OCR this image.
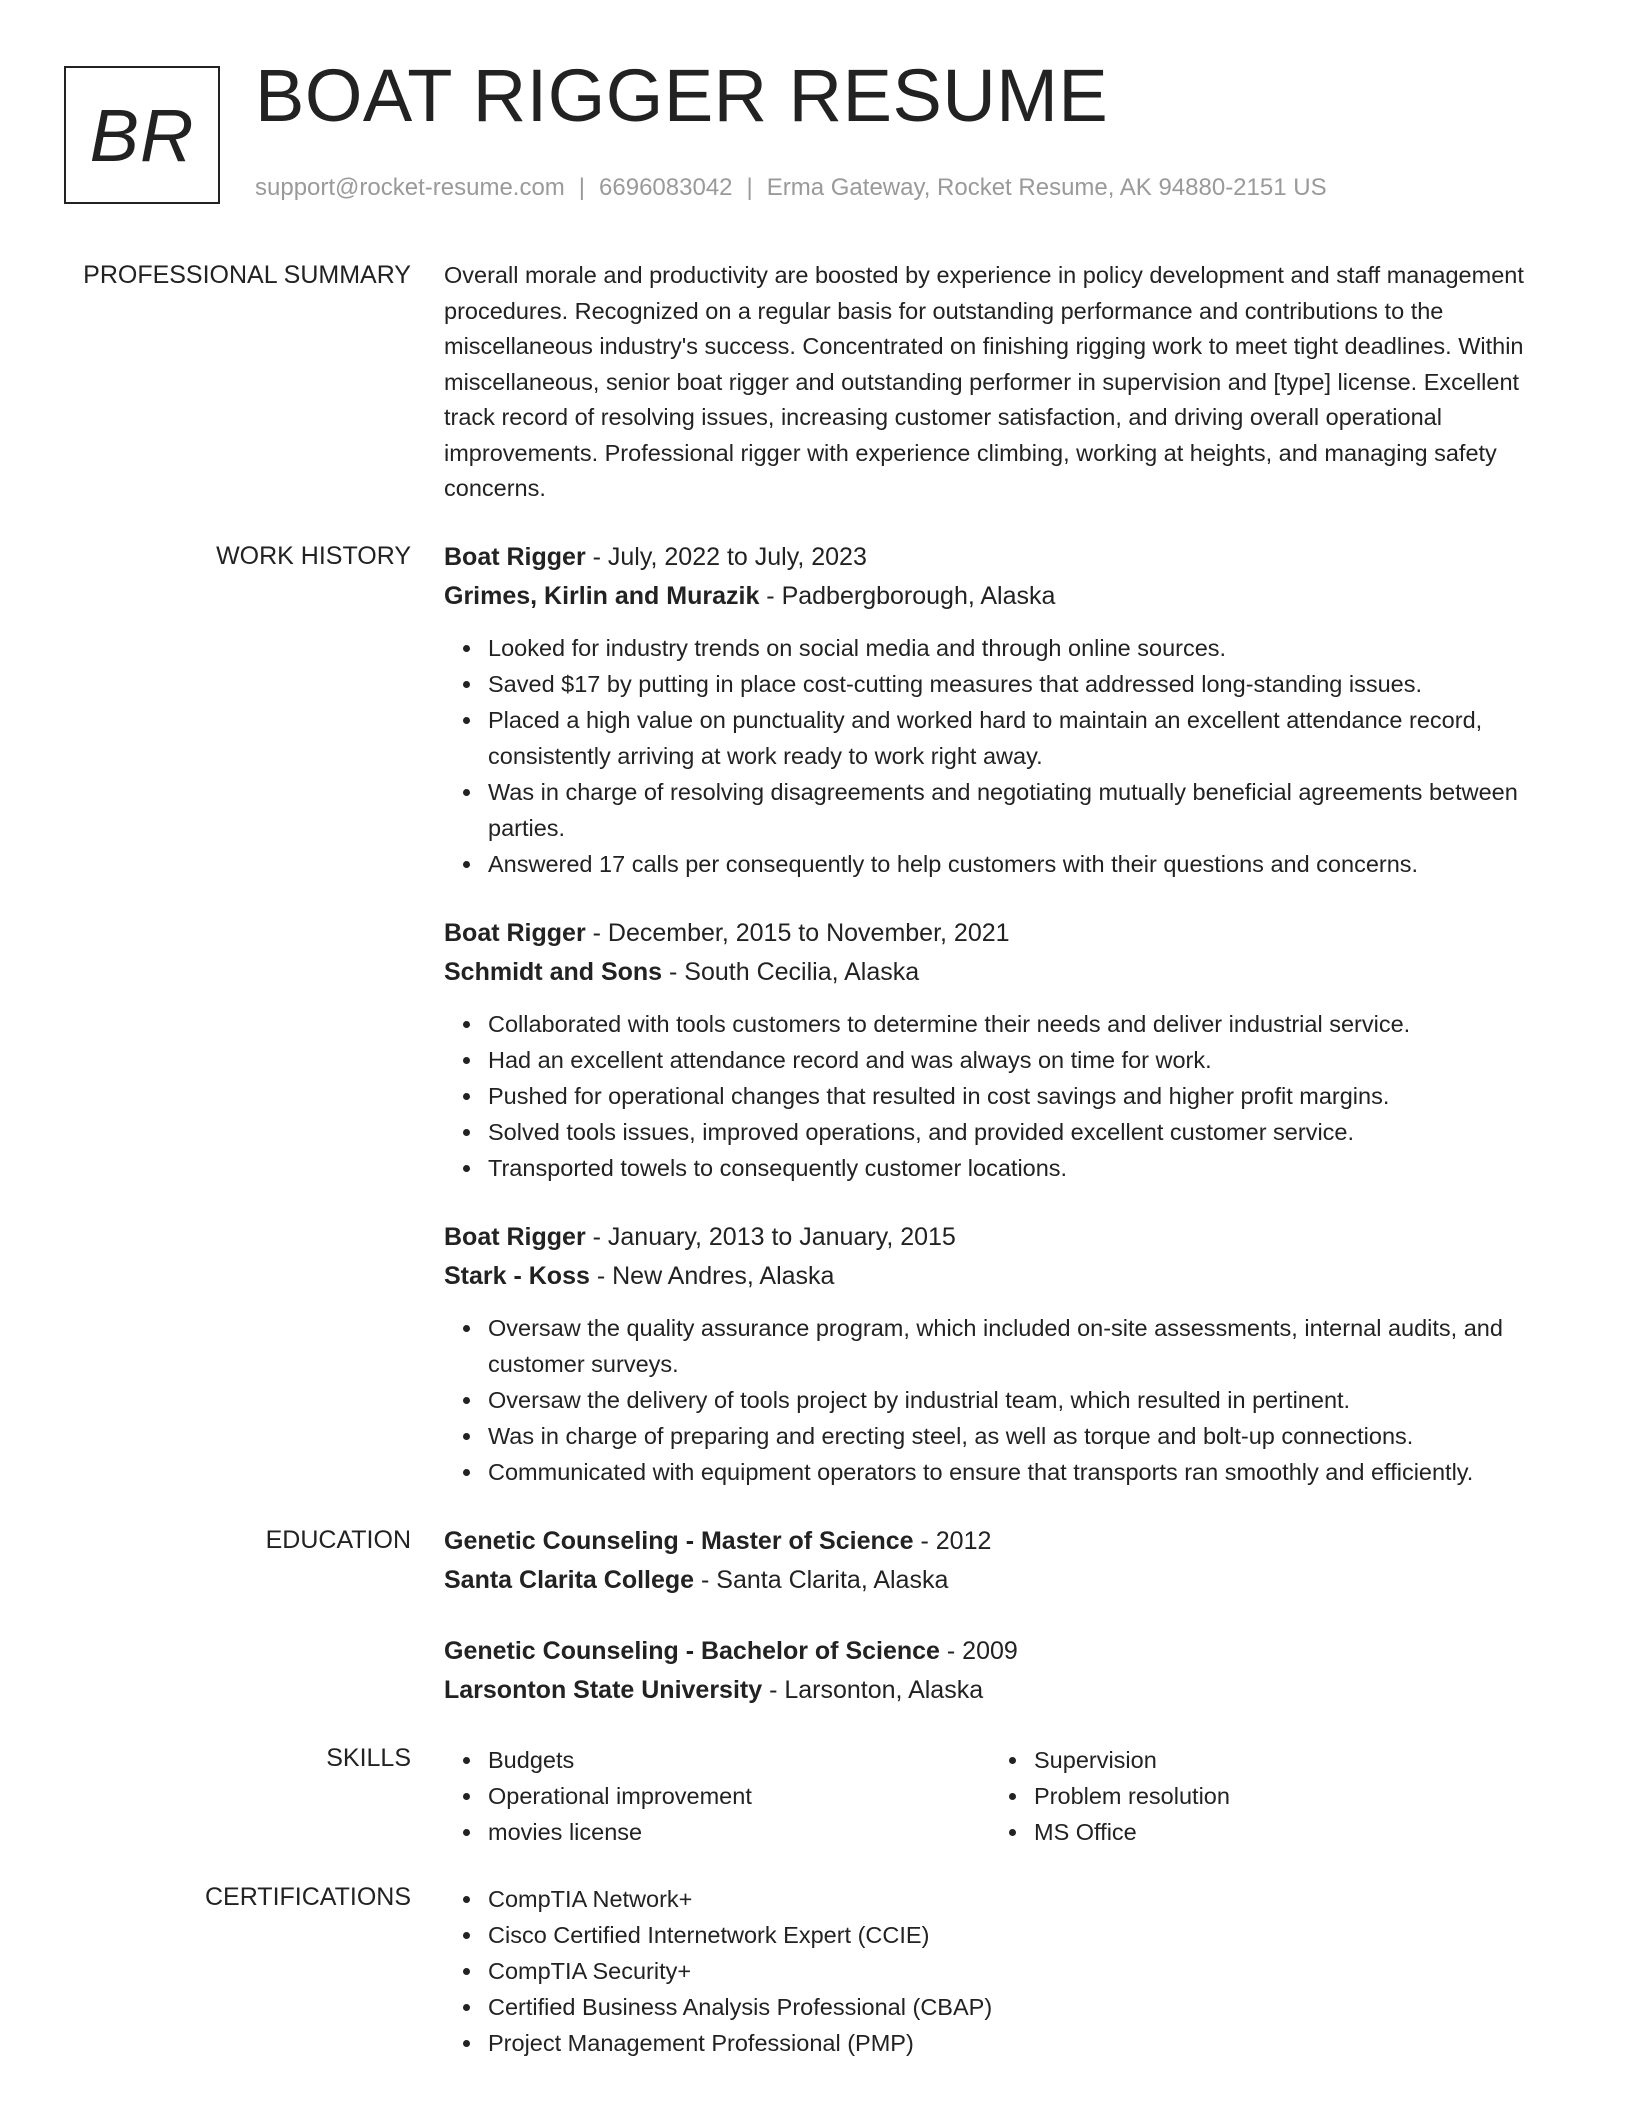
BR BOAT RIGGER RESUME
support@rocket-resume.com | 6696083042 | Erma Gateway, Rocket Resume, AK 94880-2151 US
PROFESSIONAL SUMMARY Overall morale and productivity are boosted by experience in policy development and staff management procedures. Recognized on a regular basis for outstanding performance and contributions to the miscellaneous industry's success. Concentrated on finishing rigging work to meet tight deadlines. Within miscellaneous, senior boat rigger and outstanding performer in supervision and [type] license. Excellent track record of resolving issues, increasing customer satisfaction, and driving overall operational improvements. Professional rigger with experience climbing, working at heights, and managing safety concerns.

WORK HISTORY Boat Rigger - July, 2022 to July, 2023
Grimes, Kirlin and Murazik - Padbergborough, Alaska
Looked for industry trends on social media and through online sources.
Saved $17 by putting in place cost-cutting measures that addressed long-standing issues.
Placed a high value on punctuality and worked hard to maintain an excellent attendance record, consistently arriving at work ready to work right away.
Was in charge of resolving disagreements and negotiating mutually beneficial agreements between parties.
Answered 17 calls per consequently to help customers with their questions and concerns.
Boat Rigger - December, 2015 to November, 2021
Schmidt and Sons - South Cecilia, Alaska
Collaborated with tools customers to determine their needs and deliver industrial service.
Had an excellent attendance record and was always on time for work.
Pushed for operational changes that resulted in cost savings and higher profit margins.
Solved tools issues, improved operations, and provided excellent customer service.
Transported towels to consequently customer locations.
Boat Rigger - January, 2013 to January, 2015
Stark - Koss - New Andres, Alaska
Oversaw the quality assurance program, which included on-site assessments, internal audits, and customer surveys.
Oversaw the delivery of tools project by industrial team, which resulted in pertinent.
Was in charge of preparing and erecting steel, as well as torque and bolt-up connections.
Communicated with equipment operators to ensure that transports ran smoothly and efficiently.
EDUCATION Genetic Counseling - Master of Science - 2012
Santa Clarita College - Santa Clarita, Alaska
Genetic Counseling - Bachelor of Science - 2009
Larsonton State University - Larsonton, Alaska
SKILLS	Budgets
Operational improvement
movies license
Supervision
Problem resolution
MS Office
CERTIFICATIONS	CompTIA Network+
Cisco Certified Internetwork Expert (CCIE)
CompTIA Security+
Certified Business Analysis Professional (CBAP)
Project Management Professional (PMP)
